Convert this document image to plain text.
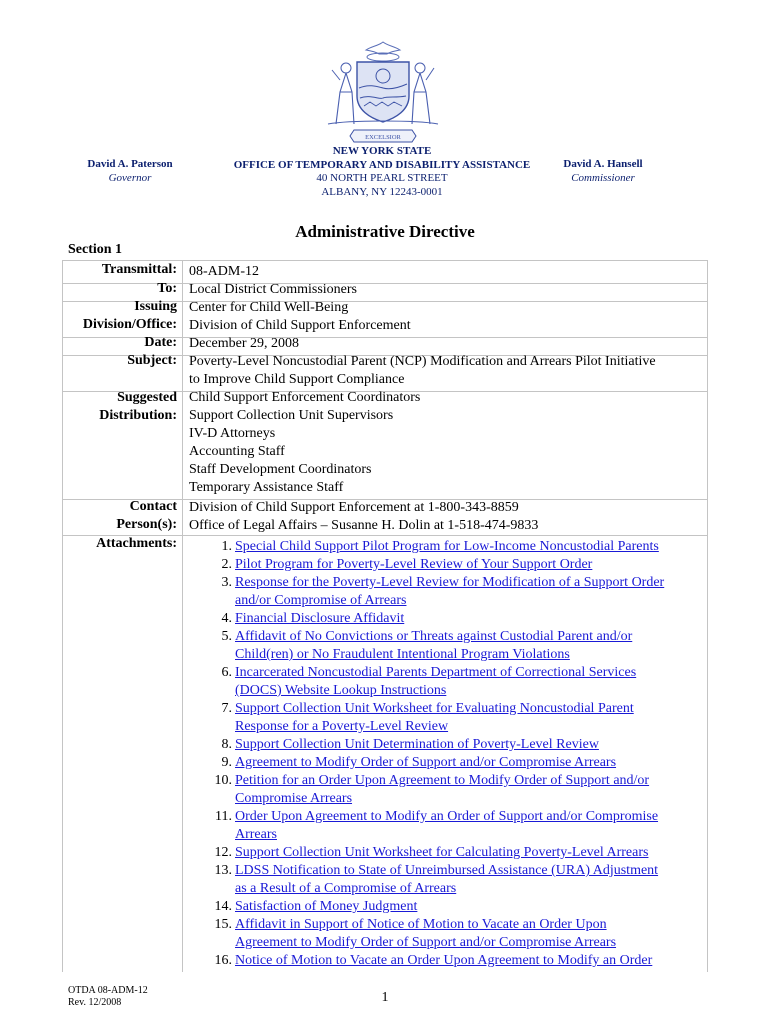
EXCELSIOR
David A. Paterson
Governor
NEW YORK STATE
OFFICE OF TEMPORARY AND DISABILITY ASSISTANCE
40 NORTH PEARL STREET
ALBANY, NY 12243-0001
David A. Hansell
Commissioner
Administrative Directive
Section 1
Transmittal: 08-ADM-12
To: Local District Commissioners
Issuing
Division/Office:
Center for Child Well-Being
Division of Child Support Enforcement
Date: December 29, 2008
Subject: Poverty-Level Noncustodial Parent (NCP) Modification and Arrears Pilot Initiative
to Improve Child Support Compliance
Suggested
Distribution:
Child Support Enforcement Coordinators
Support Collection Unit Supervisors
IV-D Attorneys
Accounting Staff
Staff Development Coordinators
Temporary Assistance Staff
Contact
Person(s):
Division of Child Support Enforcement at 1-800-343-8859
Office of Legal Affairs – Susanne H. Dolin at 1-518-474-9833
Attachments:	1. Special Child Support Pilot Program for Low-Income Noncustodial Parents
2. Pilot Program for Poverty-Level Review of Your Support Order
3. Response for the Poverty-Level Review for Modification of a Support Order
and/or Compromise of Arrears
4. Financial Disclosure Affidavit
5. Affidavit of No Convictions or Threats against Custodial Parent and/or
Child(ren) or No Fraudulent Intentional Program Violations
6. Incarcerated Noncustodial Parents Department of Correctional Services
(DOCS) Website Lookup Instructions
7. Support Collection Unit Worksheet for Evaluating Noncustodial Parent
Response for a Poverty-Level Review
8. Support Collection Unit Determination of Poverty-Level Review
9. Agreement to Modify Order of Support and/or Compromise Arrears
10. Petition for an Order Upon Agreement to Modify Order of Support and/or
Compromise Arrears
11. Order Upon Agreement to Modify an Order of Support and/or Compromise
Arrears
12. Support Collection Unit Worksheet for Calculating Poverty-Level Arrears
13. LDSS Notification to State of Unreimbursed Assistance (URA) Adjustment
as a Result of a Compromise of Arrears
14. Satisfaction of Money Judgment
15. Affidavit in Support of Notice of Motion to Vacate an Order Upon
Agreement to Modify Order of Support and/or Compromise Arrears
16. Notice of Motion to Vacate an Order Upon Agreement to Modify an Order
OTDA 08-ADM-12
Rev. 12/2008	1
